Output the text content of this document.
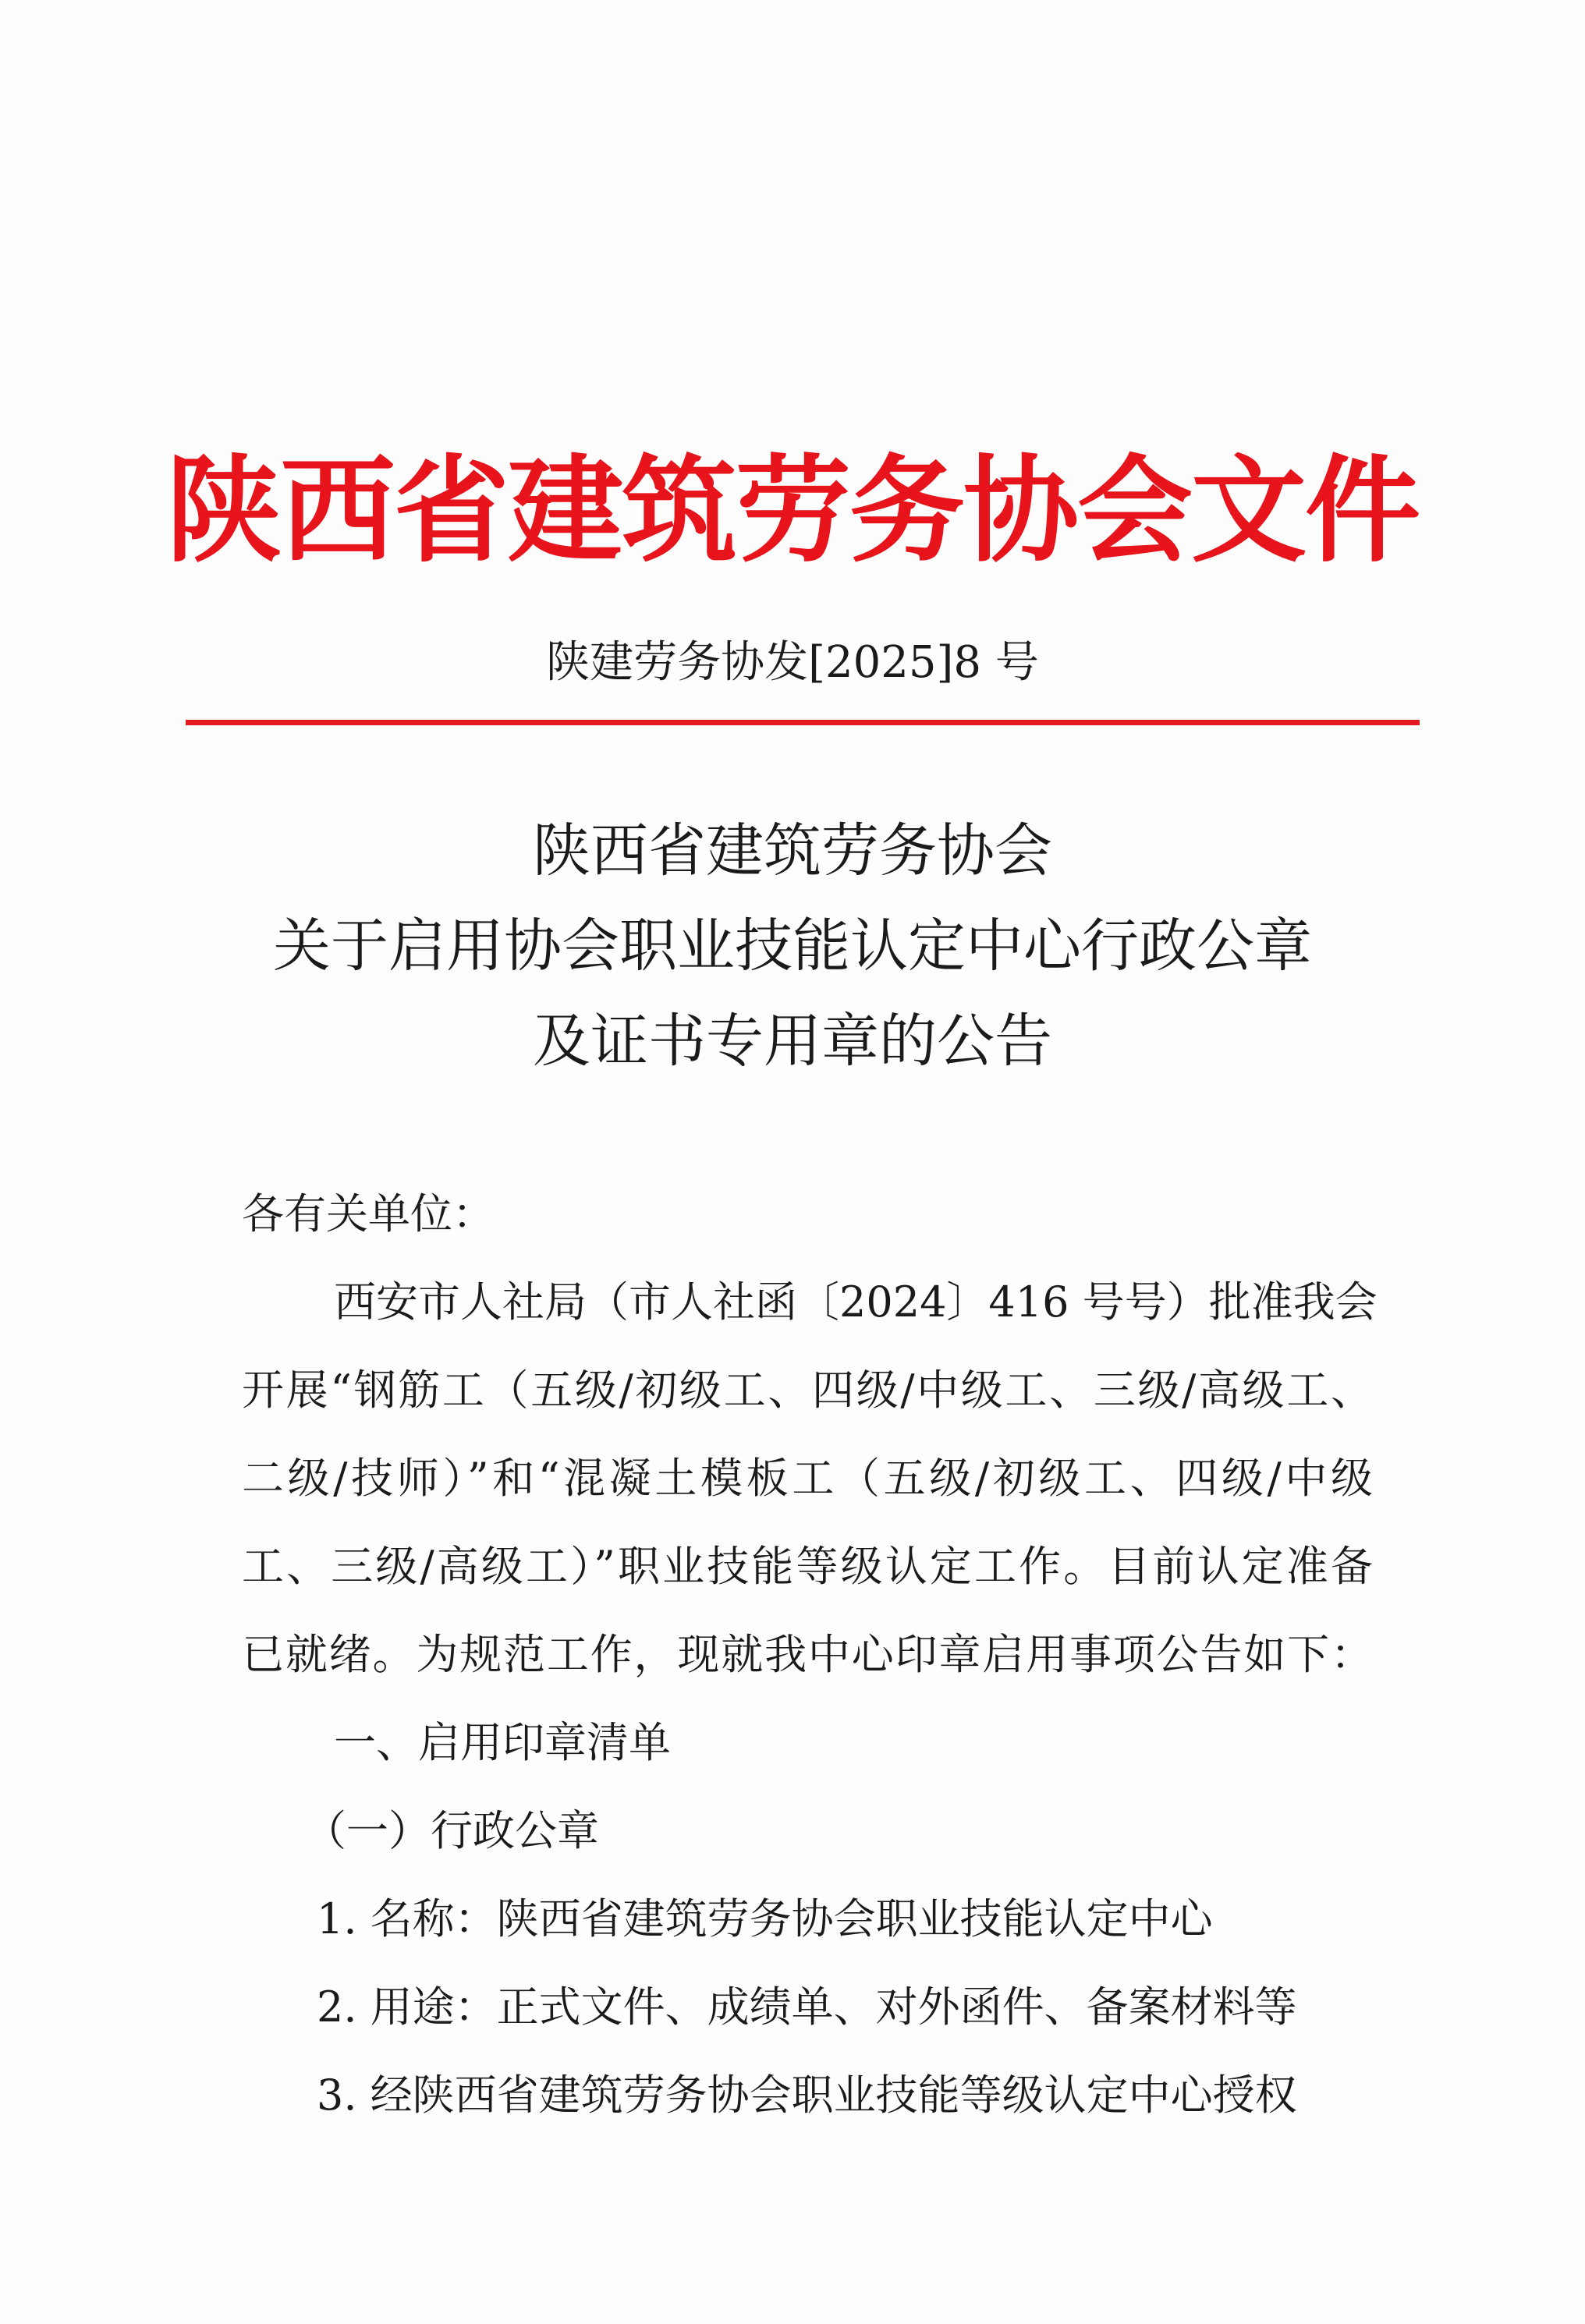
陕西省建筑劳务协会文件
陕建劳务协发[2025]8 号
陕西省建筑劳务协会
关于启用协会职业技能认定中心行政公章
及证书专用章的公告
各有关单位：
西安市人社局（市人社函〔2024〕416 号号）批准我会
开展“钢筋工（五级/初级工、四级/中级工、三级/高级工、
二级/技师）”和“混凝土模板工（五级/初级工、四级/中级
工、三级/高级工）”职业技能等级认定工作。目前认定准备
已就绪。为规范工作，现就我中心印章启用事项公告如下：
一、启用印章清单
（一）行政公章
1. 名称：陕西省建筑劳务协会职业技能认定中心
2. 用途：正式文件、成绩单、对外函件、备案材料等
3. 经陕西省建筑劳务协会职业技能等级认定中心授权
